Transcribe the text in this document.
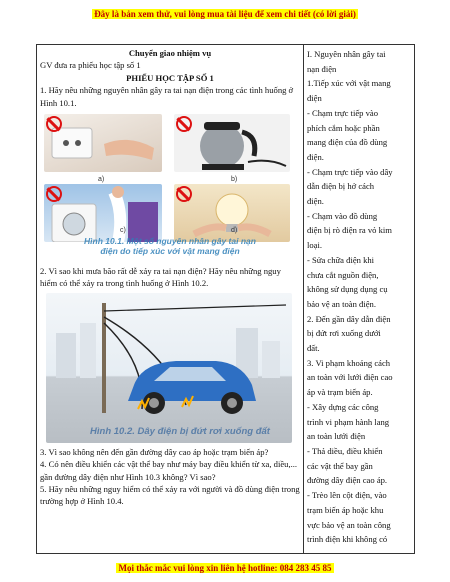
Đây là bản xem thử, vui lòng mua tài liệu để xem chi tiết (có lời giải)
Chuyển giao nhiệm vụ
GV đưa ra phiếu học tập số 1
PHIẾU HỌC TẬP SỐ 1
1. Hãy nêu những nguyên nhân gây ra tai nạn điện trong các tình huống ở Hình 10.1.
a)	b)
c)	d)
Hình 10.1. Một số nguyên nhân gây tai nạn điện do tiếp xúc với vật mang điện
2. Vì sao khi mưa bão rất dễ xảy ra tai nạn điện? Hãy nêu những nguy hiểm có thể xảy ra trong tình huống ở Hình 10.2.
Hình 10.2. Dây điện bị đứt rơi xuống đất
3. Vì sao không nên đến gần đường dây cao áp hoặc trạm biến áp?
4. Có nên điều khiển các vật thể bay như máy bay điều khiển từ xa, diều,... gần đường dây điện như Hình 10.3 không? Vì sao?
5. Hãy nêu những nguy hiểm có thể xảy ra với người và đồ dùng điện trong trường hợp ở Hình 10.4.

I. Nguyên nhân gây tai
nạn điện
1.Tiếp xúc với vật mang
điện
- Chạm trực tiếp vào
phích cắm hoặc phần
mang điện của đồ dùng
điện.
- Chạm trực tiếp vào dây
dẫn điện bị hở cách
điện.
- Chạm vào đồ dùng
điện bị rò điện ra vỏ kim
loại.
- Sửa chữa điện khi
chưa cắt nguồn điện,
không sử dụng dụng cụ
bảo vệ an toàn điện.
2. Đến gần dây dẫn điện
bị đứt rơi xuống dưới
đất.
3. Vi phạm khoảng cách
an toàn với lưới điện cao
áp và trạm biến áp.
- Xây dựng các công
trình vi phạm hành lang
an toàn lưới điện
- Thả diều, điều khiển
các vật thể bay gần
đường dây điện cao áp.
- Trèo lên cột điện, vào
trạm biến áp hoặc khu
vực bảo vệ an toàn công
trình điện khi không có
Mọi thắc mắc vui lòng xin liên hệ hotline: 084 283 45 85
